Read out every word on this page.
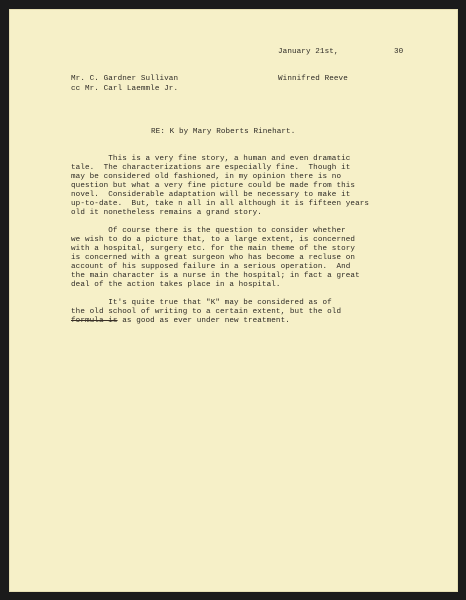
January 21st,	30
Mr. C. Gardner Sullivan	Winnifred Reeve
cc Mr. Carl Laemmle Jr.
RE: K by Mary Roberts Rinehart.
This is a very fine story, a human and even dramatic
tale.  The characterizations are especially fine.  Though it
may be considered old fashioned, in my opinion there is no
question but what a very fine picture could be made from this
novel.  Considerable adaptation will be necessary to make it
up-to-date.  But, take n all in all although it is fifteen years
old it nonetheless remains a grand story.
Of course there is the question to consider whether
we wish to do a picture that, to a large extent, is concerned
with a hospital, surgery etc. for the main theme of the story
is concerned with a great surgeon who has become a recluse on
account of his supposed failure in a serious operation.  And
the main character is a nurse in the hospital; in fact a great
deal of the action takes place in a hospital.
It's quite true that "K" may be considered as of
the old school of writing to a certain extent, but the old
formula is as good as ever under new treatment.
